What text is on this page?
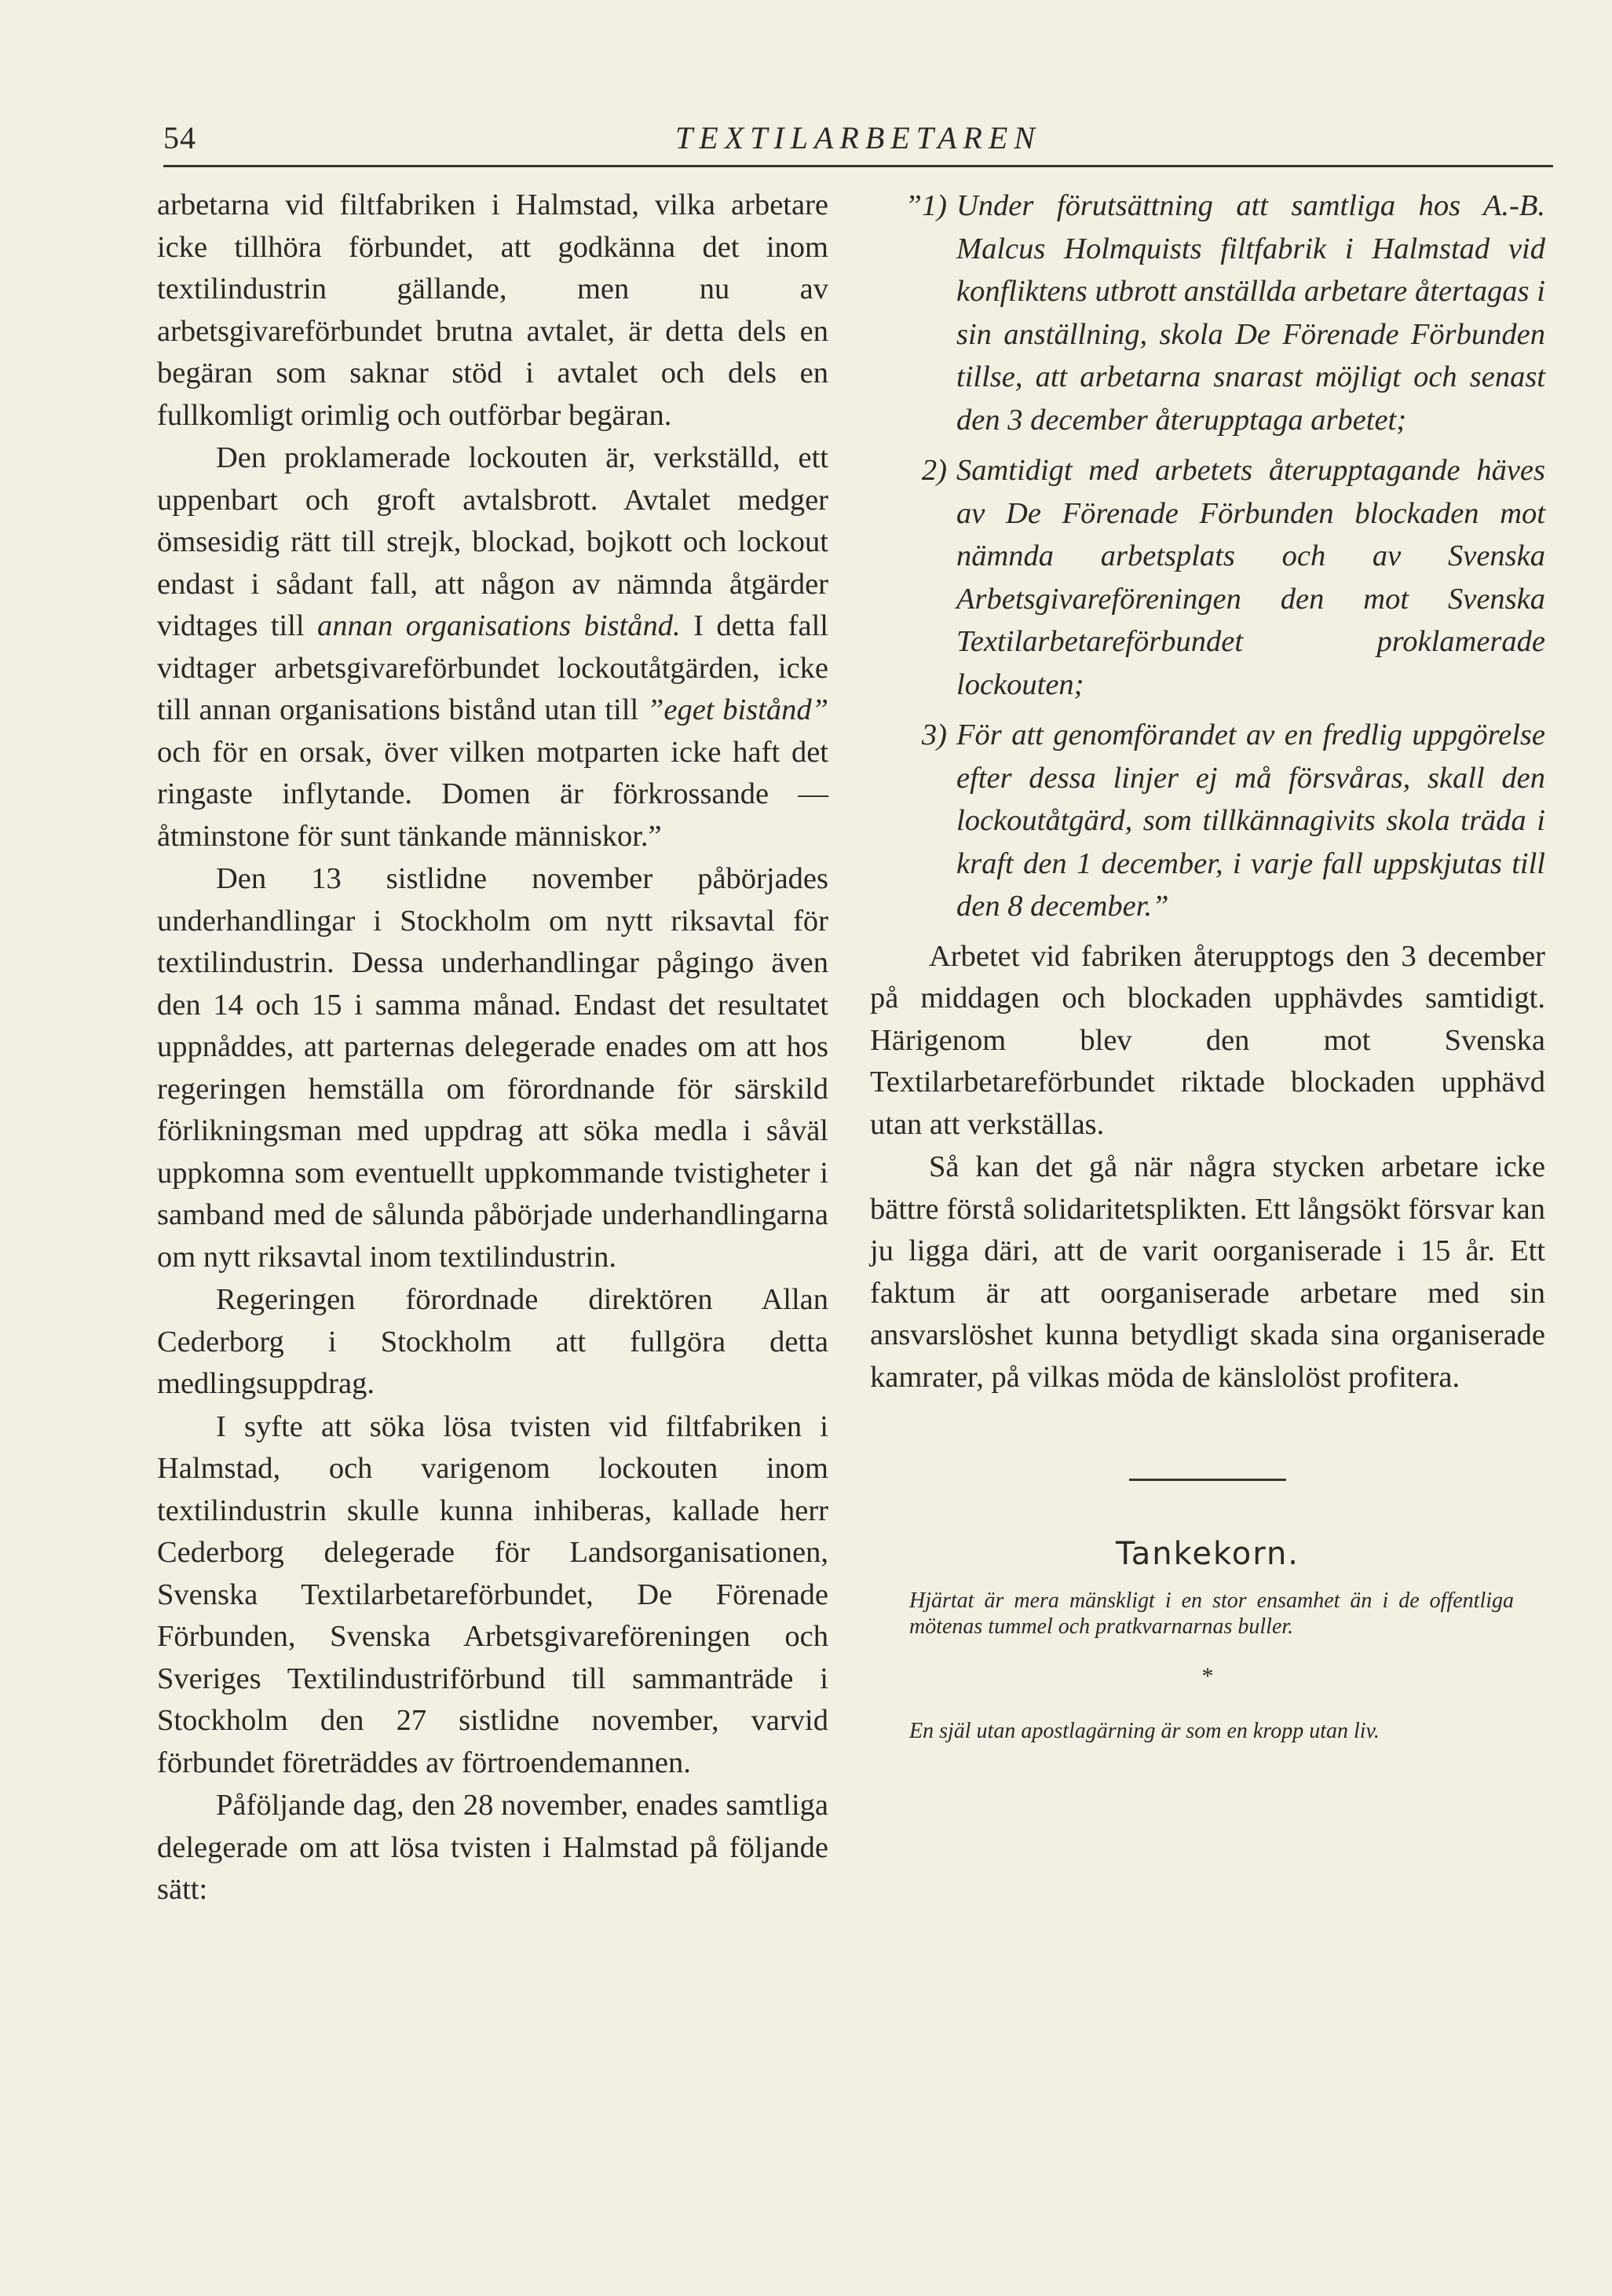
54	TEXTILARBETAREN

arbetarna vid filtfabriken i Halmstad, vilka arbetare icke tillhöra förbundet, att godkänna det inom textilindustrin gällande, men nu av arbetsgivareförbundet brutna avtalet, är detta dels en begäran som saknar stöd i avtalet och dels en fullkomligt orimlig och outförbar begäran.

Den proklamerade lockouten är, verkställd, ett uppenbart och groft avtalsbrott. Avtalet medger ömsesidig rätt till strejk, blockad, bojkott och lockout endast i sådant fall, att någon av nämnda åtgärder vidtages till annan organisations bistånd. I detta fall vidtager arbetsgivareförbundet lockoutåtgärden, icke till annan organisations bistånd utan till ”eget bistånd” och för en orsak, över vilken motparten icke haft det ringaste inflytande. Domen är förkrossande — åtminstone för sunt tänkande människor.”

Den 13 sistlidne november påbörjades underhandlingar i Stockholm om nytt riksavtal för textilindustrin. Dessa underhandlingar pågingo även den 14 och 15 i samma månad. Endast det resultatet uppnåddes, att parternas delegerade enades om att hos regeringen hemställa om förordnande för särskild förlikningsman med uppdrag att söka medla i såväl uppkomna som eventuellt uppkommande tvistigheter i samband med de sålunda påbörjade underhandlingarna om nytt riksavtal inom textilindustrin.

Regeringen förordnade direktören Allan Cederborg i Stockholm att fullgöra detta medlingsuppdrag.

I syfte att söka lösa tvisten vid filtfabriken i Halmstad, och varigenom lockouten inom textilindustrin skulle kunna inhiberas, kallade herr Cederborg delegerade för Landsorganisationen, Svenska Textilarbetareförbundet, De Förenade Förbunden, Svenska Arbetsgivareföreningen och Sveriges Textilindustriförbund till sammanträde i Stockholm den 27 sistlidne november, varvid förbundet företräddes av förtroendemannen.

Påföljande dag, den 28 november, enades samtliga delegerade om att lösa tvisten i Halmstad på följande sätt:

”1) Under förutsättning att samtliga hos A.-B. Malcus Holmquists filtfabrik i Halmstad vid konfliktens utbrott anställda arbetare återtagas i sin anställning, skola De Förenade Förbunden tillse, att arbetarna snarast möjligt och senast den 3 december återupptaga arbetet;
2) Samtidigt med arbetets återupptagande häves av De Förenade Förbunden blockaden mot nämnda arbetsplats och av Svenska Arbetsgivareföreningen den mot Svenska Textilarbetareförbundet proklamerade lockouten;
3) För att genomförandet av en fredlig uppgörelse efter dessa linjer ej må försvåras, skall den lockoutåtgärd, som tillkännagivits skola träda i kraft den 1 december, i varje fall uppskjutas till den 8 december.”

Arbetet vid fabriken återupptogs den 3 december på middagen och blockaden upphävdes samtidigt. Härigenom blev den mot Svenska Textilarbetareförbundet riktade blockaden upphävd utan att verkställas.

Så kan det gå när några stycken arbetare icke bättre förstå solidaritetsplikten. Ett långsökt försvar kan ju ligga däri, att de varit oorganiserade i 15 år. Ett faktum är att oorganiserade arbetare med sin ansvarslöshet kunna betydligt skada sina organiserade kamrater, på vilkas möda de känslolöst profitera.

Tankekorn.

Hjärtat är mera mänskligt i en stor ensamhet än i de offentliga mötenas tummel och pratkvarnarnas buller.

*

En själ utan apostlagärning är som en kropp utan liv.
